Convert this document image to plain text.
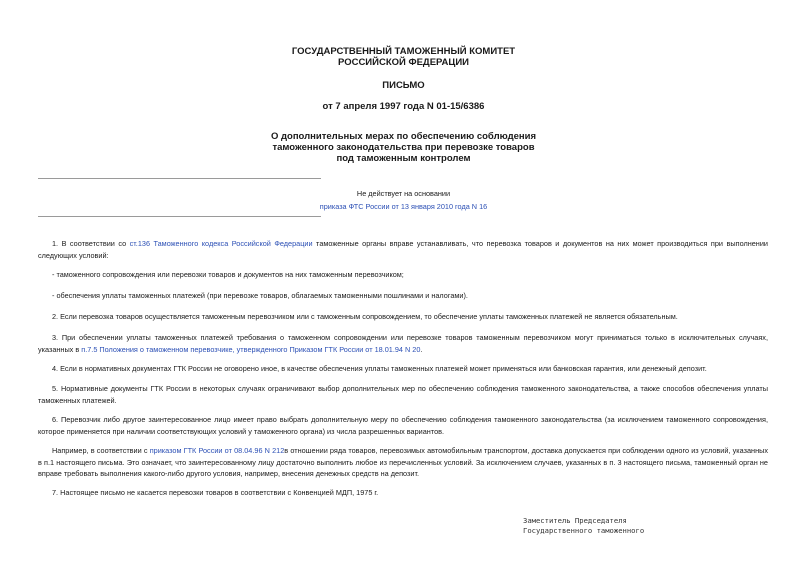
ГОСУДАРСТВЕННЫЙ ТАМОЖЕННЫЙ КОМИТЕТ
РОССИЙСКОЙ ФЕДЕРАЦИИ
ПИСЬМО
от 7 апреля 1997 года N 01-15/6386
О дополнительных мерах по обеспечению соблюдения
таможенного законодательства при перевозке товаров
под таможенным контролем
Не действует на основании
приказа ФТС России от 13 января 2010 года N 16
1. В соответствии со ст.136 Таможенного кодекса Российской Федерации таможенные органы вправе устанавливать, что перевозка товаров и документов на них может производиться при выполнении следующих условий:
- таможенного сопровождения или перевозки товаров и документов на них таможенным перевозчиком;
- обеспечения уплаты таможенных платежей (при перевозке товаров, облагаемых таможенными пошлинами и налогами).
2. Если перевозка товаров осуществляется таможенным перевозчиком или с таможенным сопровождением, то обеспечение уплаты таможенных платежей не является обязательным.
3. При обеспечении уплаты таможенных платежей требования о таможенном сопровождении или перевозке товаров таможенным перевозчиком могут приниматься только в исключительных случаях, указанных в п.7.5 Положения о таможенном перевозчике, утвержденного Приказом ГТК России от 18.01.94 N 20.
4. Если в нормативных документах ГТК России не оговорено иное, в качестве обеспечения уплаты таможенных платежей может применяться или банковская гарантия, или денежный депозит.
5. Нормативные документы ГТК России в некоторых случаях ограничивают выбор дополнительных мер по обеспечению соблюдения таможенного законодательства, а также способов обеспечения уплаты таможенных платежей.
6. Перевозчик либо другое заинтересованное лицо имеет право выбрать дополнительную меру по обеспечению соблюдения таможенного законодательства (за исключением таможенного сопровождения, которое применяется при наличии соответствующих условий у таможенного органа) из числа разрешенных вариантов.
Например, в соответствии с приказом ГТК России от 08.04.96 N 212в отношении ряда товаров, перевозимых автомобильным транспортом, доставка допускается при соблюдении одного из условий, указанных в п.1 настоящего письма. Это означает, что заинтересованному лицу достаточно выполнить любое из перечисленных условий. За исключением случаев, указанных в п. 3 настоящего письма, таможенный орган не вправе требовать выполнения какого-либо другого условия, например, внесения денежных средств на депозит.
7. Настоящее письмо не касается перевозки товаров в соответствии с Конвенцией МДП, 1975 г.
Заместитель Председателя
Государственного таможенного
